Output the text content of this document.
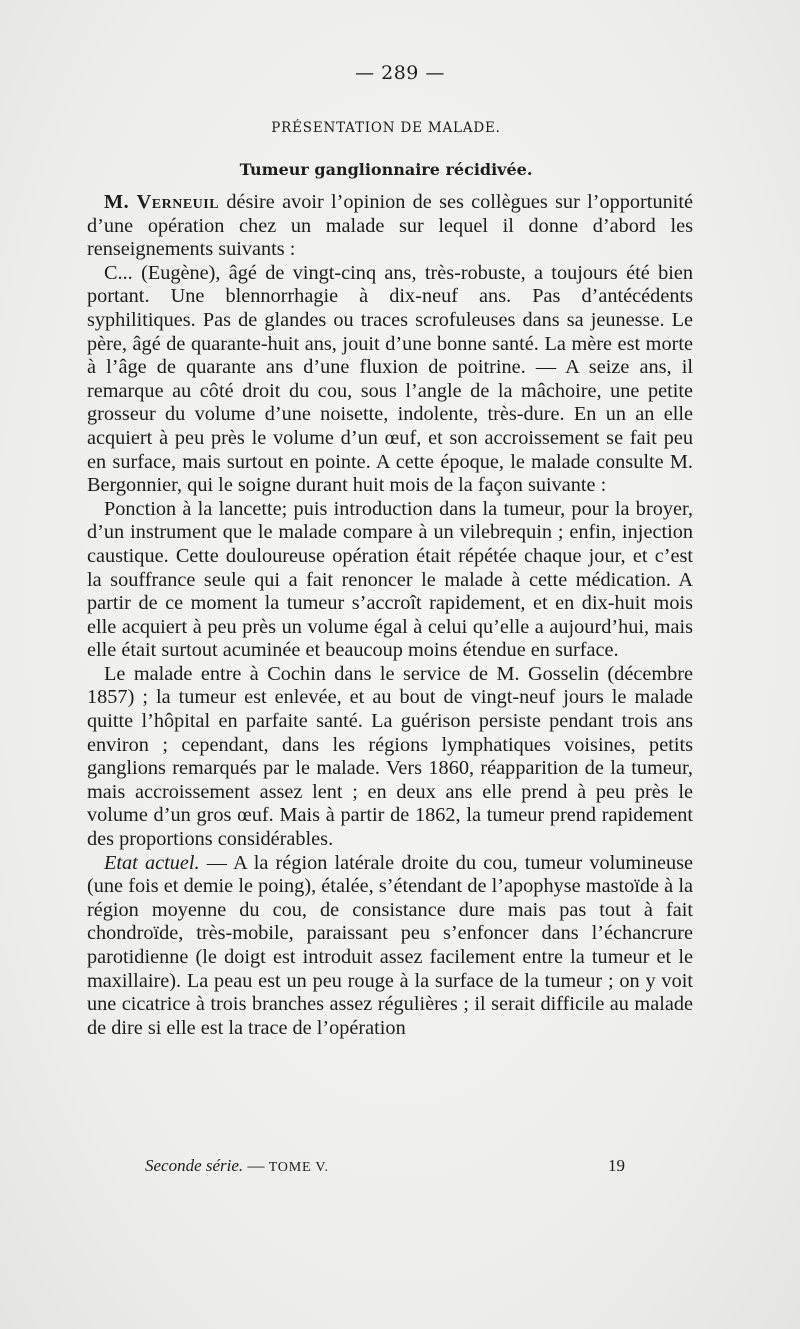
— 289 —
PRÉSENTATION DE MALADE.
Tumeur ganglionnaire récidivée.

M. Verneuil désire avoir l’opinion de ses collègues sur l’opportunité d’une opération chez un malade sur lequel il donne d’abord les renseignements suivants :

C... (Eugène), âgé de vingt-cinq ans, très-robuste, a toujours été bien portant. Une blennorrhagie à dix-neuf ans. Pas d’antécédents syphilitiques. Pas de glandes ou traces scrofuleuses dans sa jeunesse. Le père, âgé de quarante-huit ans, jouit d’une bonne santé. La mère est morte à l’âge de quarante ans d’une fluxion de poitrine. — A seize ans, il remarque au côté droit du cou, sous l’angle de la mâchoire, une petite grosseur du volume d’une noisette, indolente, très-dure. En un an elle acquiert à peu près le volume d’un œuf, et son accroissement se fait peu en surface, mais surtout en pointe. A cette époque, le malade consulte M. Bergonnier, qui le soigne durant huit mois de la façon suivante :

Ponction à la lancette; puis introduction dans la tumeur, pour la broyer, d’un instrument que le malade compare à un vilebrequin ; enfin, injection caustique. Cette douloureuse opération était répétée chaque jour, et c’est la souffrance seule qui a fait renoncer le malade à cette médication. A partir de ce moment la tumeur s’accroît rapidement, et en dix-huit mois elle acquiert à peu près un volume égal à celui qu’elle a aujourd’hui, mais elle était surtout acuminée et beaucoup moins étendue en surface.

Le malade entre à Cochin dans le service de M. Gosselin (décembre 1857) ; la tumeur est enlevée, et au bout de vingt-neuf jours le malade quitte l’hôpital en parfaite santé. La guérison persiste pendant trois ans environ ; cependant, dans les régions lymphatiques voisines, petits ganglions remarqués par le malade. Vers 1860, réapparition de la tumeur, mais accroissement assez lent ; en deux ans elle prend à peu près le volume d’un gros œuf. Mais à partir de 1862, la tumeur prend rapidement des proportions considérables.

Etat actuel. — A la région latérale droite du cou, tumeur volumineuse (une fois et demie le poing), étalée, s’étendant de l’apophyse mastoïde à la région moyenne du cou, de consistance dure mais pas tout à fait chondroïde, très-mobile, paraissant peu s’enfoncer dans l’échancrure parotidienne (le doigt est introduit assez facilement entre la tumeur et le maxillaire). La peau est un peu rouge à la surface de la tumeur ; on y voit une cicatrice à trois branches assez régulières ; il serait difficile au malade de dire si elle est la trace de l’opération

Seconde série. — TOME V.	19
